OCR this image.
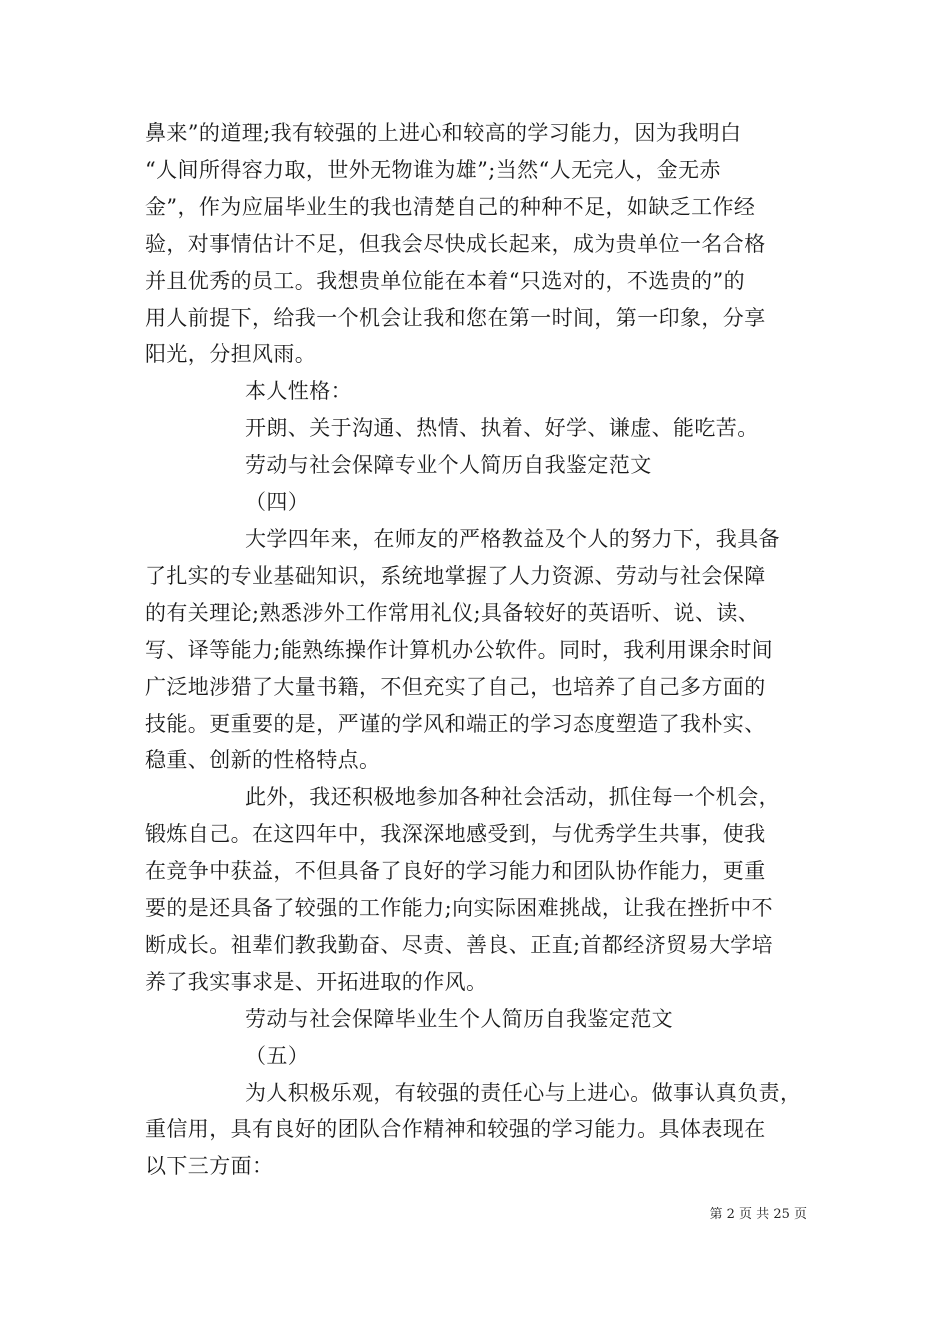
鼻来”的道理;我有较强的上进心和较高的学习能力，因为我明白

“人间所得容力取，世外无物谁为雄”;当然“人无完人，金无赤

金”，作为应届毕业生的我也清楚自己的种种不足，如缺乏工作经

验，对事情估计不足，但我会尽快成长起来，成为贵单位一名合格

并且优秀的员工。我想贵单位能在本着“只选对的，不选贵的”的

用人前提下，给我一个机会让我和您在第一时间，第一印象，分享

阳光，分担风雨。

本人性格：

开朗、关于沟通、热情、执着、好学、谦虚、能吃苦。

劳动与社会保障专业个人简历自我鉴定范文

（四）

大学四年来，在师友的严格教益及个人的努力下，我具备

了扎实的专业基础知识，系统地掌握了人力资源、劳动与社会保障

的有关理论;熟悉涉外工作常用礼仪;具备较好的英语听、说、读、

写、译等能力;能熟练操作计算机办公软件。同时，我利用课余时间

广泛地涉猎了大量书籍，不但充实了自己，也培养了自己多方面的

技能。更重要的是，严谨的学风和端正的学习态度塑造了我朴实、

稳重、创新的性格特点。

此外，我还积极地参加各种社会活动，抓住每一个机会，

锻炼自己。在这四年中，我深深地感受到，与优秀学生共事，使我

在竞争中获益，不但具备了良好的学习能力和团队协作能力，更重

要的是还具备了较强的工作能力;向实际困难挑战，让我在挫折中不

断成长。祖辈们教我勤奋、尽责、善良、正直;首都经济贸易大学培

养了我实事求是、开拓进取的作风。

劳动与社会保障毕业生个人简历自我鉴定范文

（五）

为人积极乐观，有较强的责任心与上进心。做事认真负责，

重信用，具有良好的团队合作精神和较强的学习能力。具体表现在

以下三方面：

第 2 页 共 25 页
